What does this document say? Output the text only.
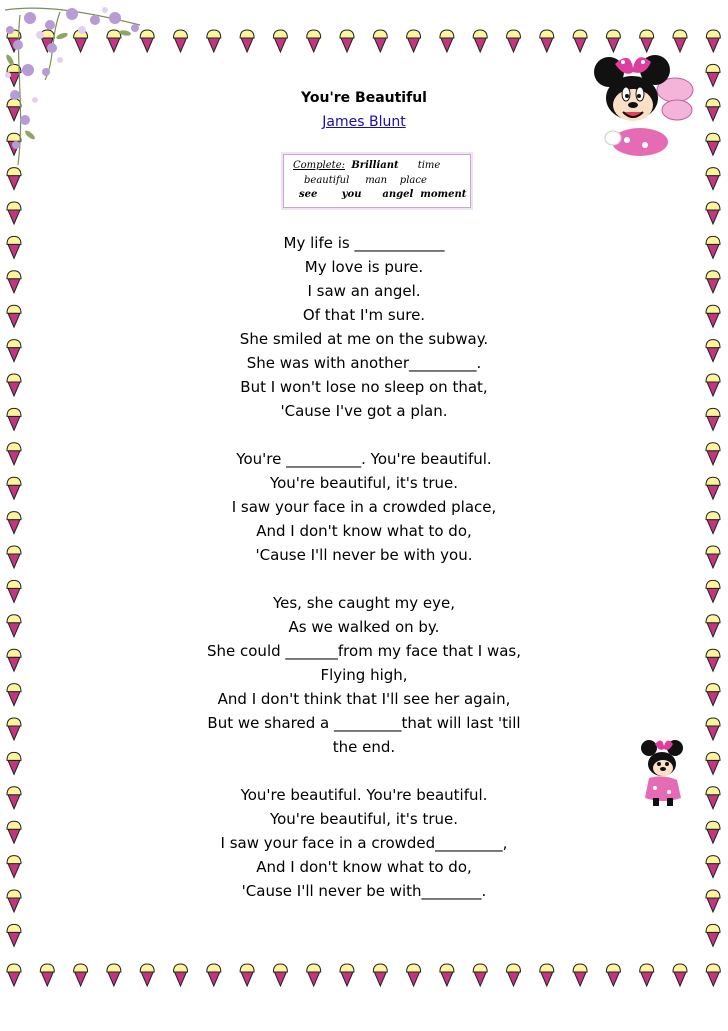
You're Beautiful
James Blunt
Complete: Brilliant time
beautiful man place
see you angel moment
My life is ____________
My love is pure.
I saw an angel.
Of that I'm sure.
She smiled at me on the subway.
She was with another_________.
But I won't lose no sleep on that,
'Cause I've got a plan.
You're __________. You're beautiful.
You're beautiful, it's true.
I saw your face in a crowded place,
And I don't know what to do,
'Cause I'll never be with you.
Yes, she caught my eye,
As we walked on by.
She could _______from my face that I was,
Flying high,
And I don't think that I'll see her again,
But we shared a _________that will last 'till
the end.
You're beautiful. You're beautiful.
You're beautiful, it's true.
I saw your face in a crowded_________,
And I don't know what to do,
'Cause I'll never be with________.
